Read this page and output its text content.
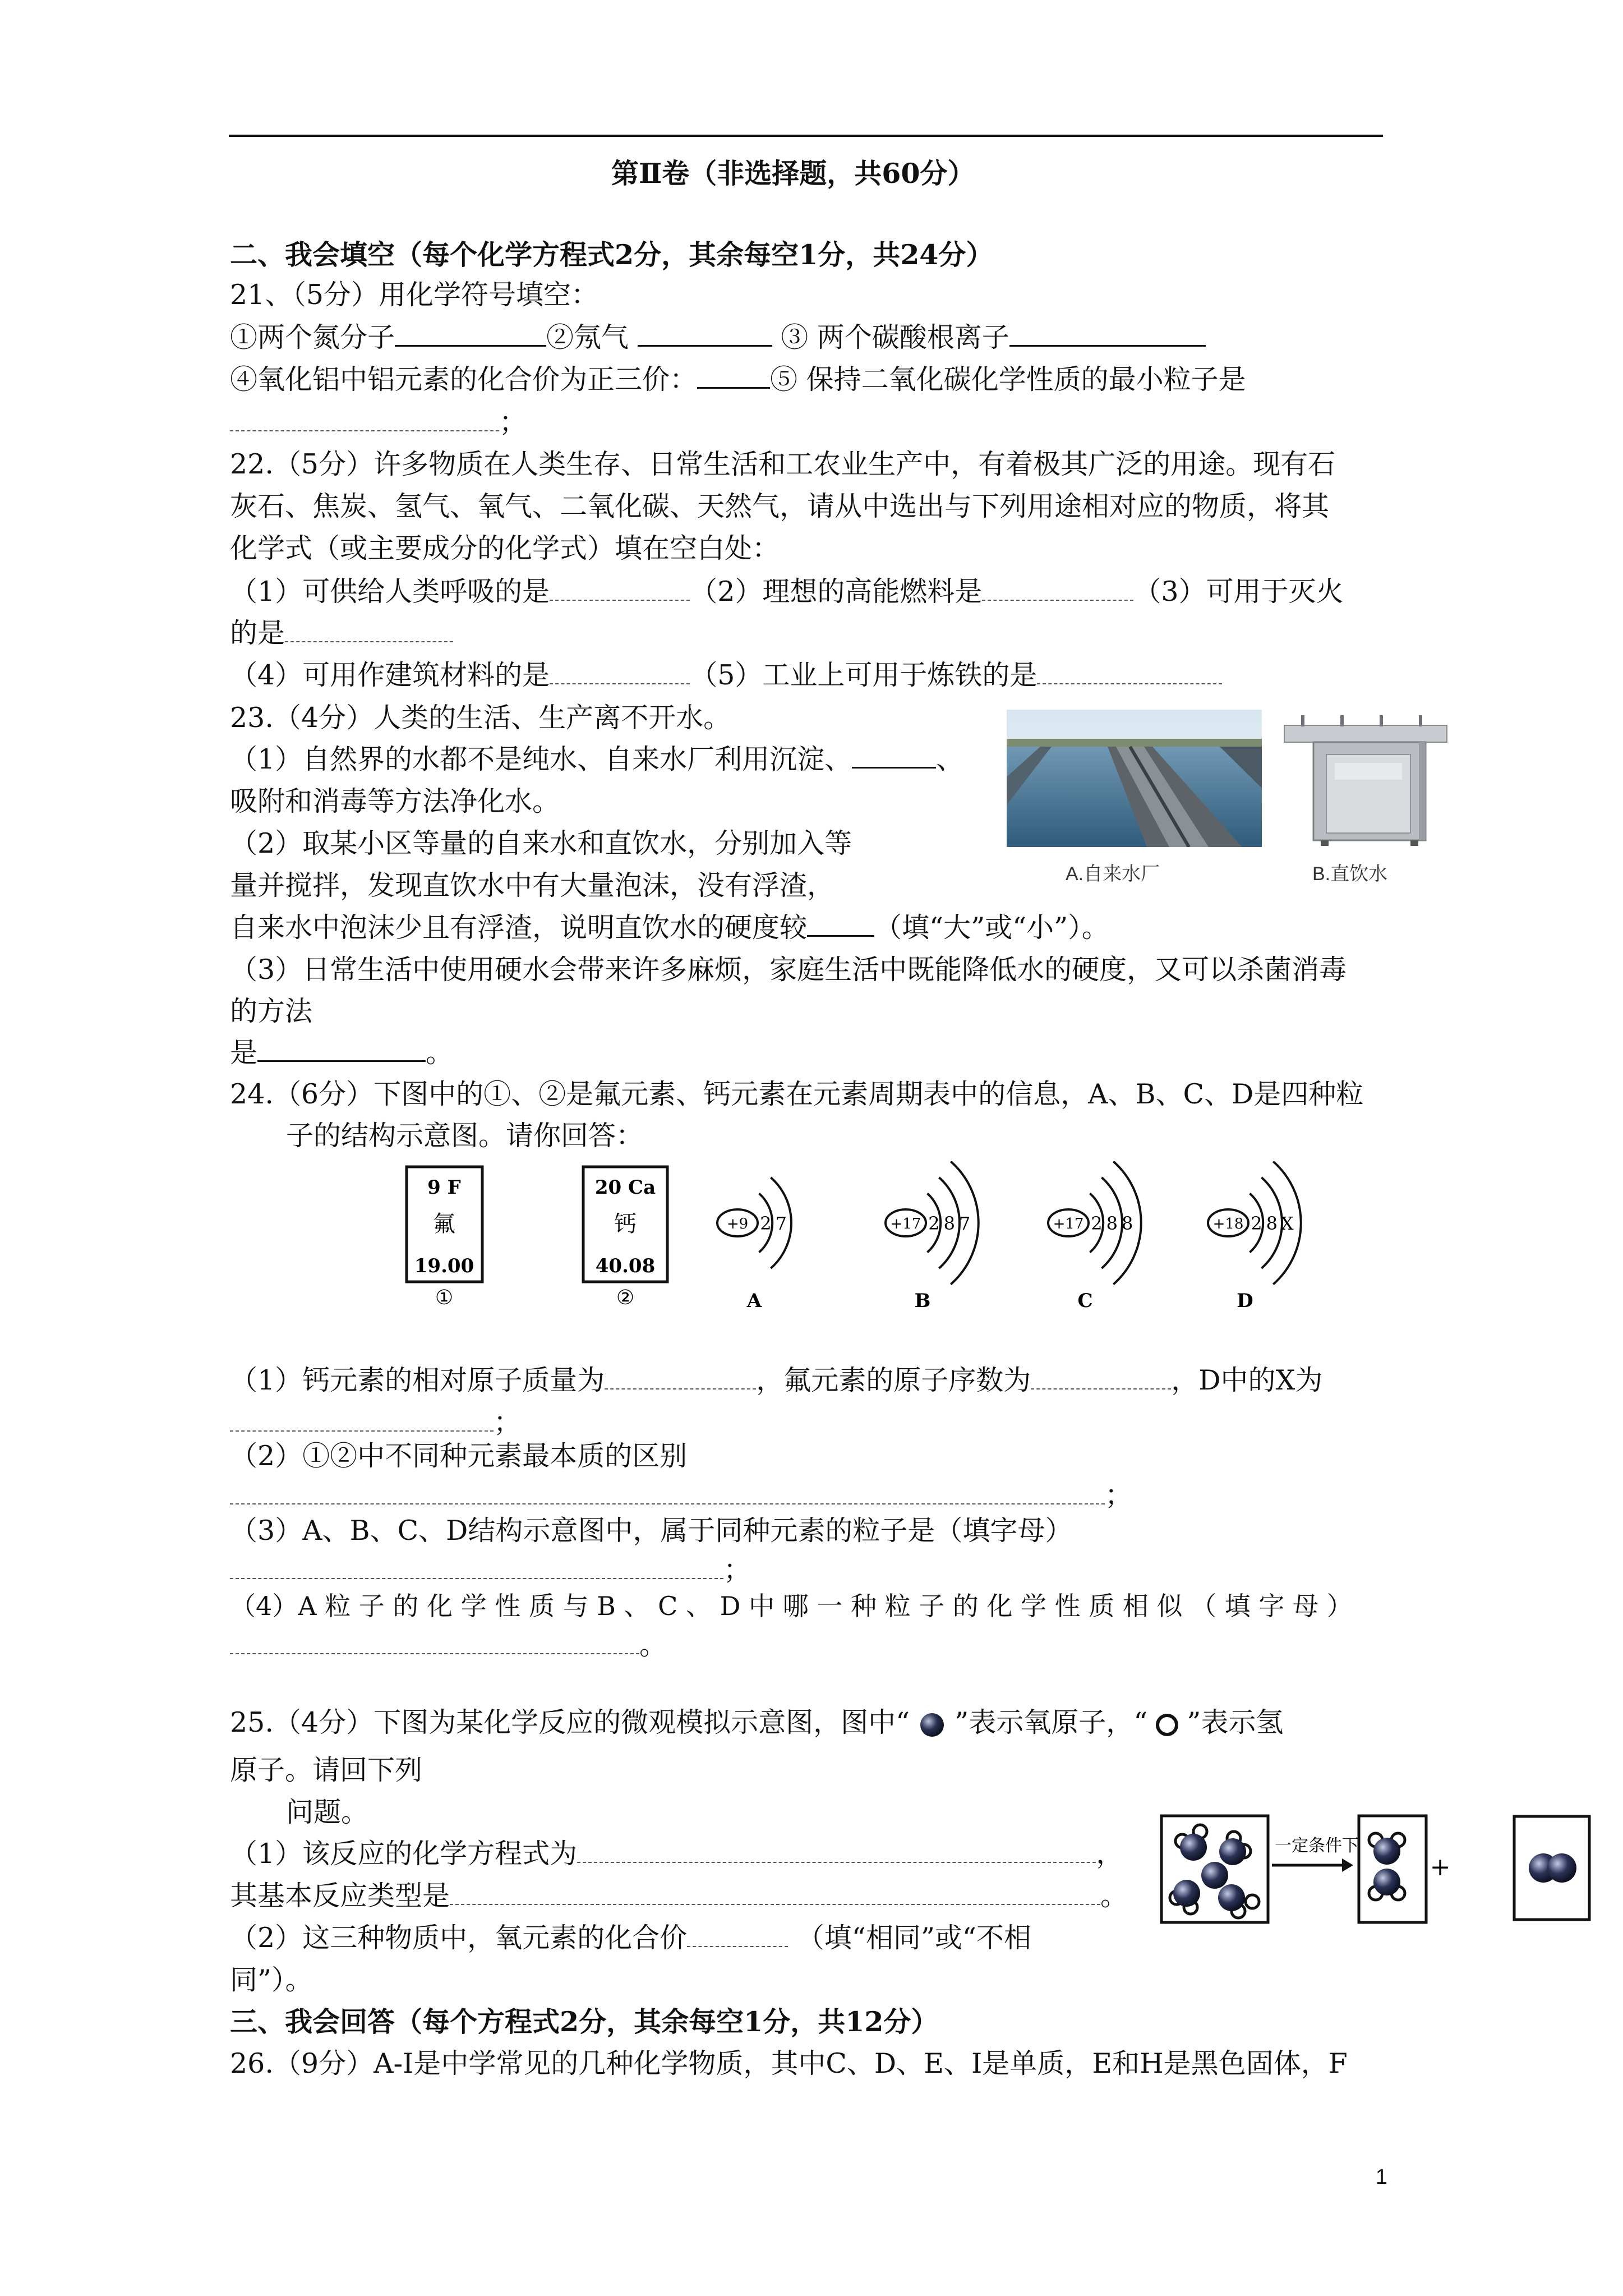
第Ⅱ卷（非选择题，共60分）
二、我会填空（每个化学方程式2分，其余每空1分，共24分）
21、（5分）用化学符号填空：
①两个氮分子	②氖气	③ 两个碳酸根离子
④氧化铝中铝元素的化合价为正三价：	⑤ 保持二氧化碳化学性质的最小粒子是
；
22.（5分）许多物质在人类生存、日常生活和工农业生产中，有着极其广泛的用途。现有石
灰石、焦炭、氢气、氧气、二氧化碳、天然气，请从中选出与下列用途相对应的物质，将其
化学式（或主要成分的化学式）填在空白处：
（1）可供给人类呼吸的是	（2）理想的高能燃料是	（3）可用于灭火
的是
（4）可用作建筑材料的是	（5）工业上可用于炼铁的是
23.（4分）人类的生活、生产离不开水。
（1）自然界的水都不是纯水、自来水厂利用沉淀、	、
吸附和消毒等方法净化水。
（2）取某小区等量的自来水和直饮水，分别加入等
量并搅拌，发现直饮水中有大量泡沫，没有浮渣，
自来水中泡沫少且有浮渣，说明直饮水的硬度较 （填“大”或“小”）。
（3）日常生活中使用硬水会带来许多麻烦，家庭生活中既能降低水的硬度，又可以杀菌消毒
的方法
是	。
A.自来水厂	B.直饮水
24.（6分）下图中的①、②是氟元素、钙元素在元素周期表中的信息，A、B、C、D是四种粒
子的结构示意图。请你回答：
9 F
氟
19.00
①
20 Ca
钙
40.08
②
+9 2 7
A
+17 2 8 7
B
+17 2 8 8
C
+18 2 8 X
D
（1）钙元素的相对原子质量为	，氟元素的原子序数为	，D中的X为
；
（2）①②中不同种元素最本质的区别
；
（3）A、B、C、D结构示意图中，属于同种元素的粒子是（填字母）
；
（4）A 粒 子 的 化 学 性 质 与 B 、 C 、 D 中 哪 一 种 粒 子 的 化 学 性 质 相 似 （ 填 字 母 ）
。
25.（4分）下图为某化学反应的微观模拟示意图，图中“ ”表示氧原子，“ ”表示氢
原子。请回下列
问题。
（1）该反应的化学方程式为	，
其基本反应类型是	。
（2）这三种物质中，氧元素的化合价	（填“相同”或“不相
同”）。
一定条件下
+
三、我会回答（每个方程式2分，其余每空1分，共12分）
26.（9分）A-I是中学常见的几种化学物质，其中C、D、E、I是单质，E和H是黑色固体，F
1
